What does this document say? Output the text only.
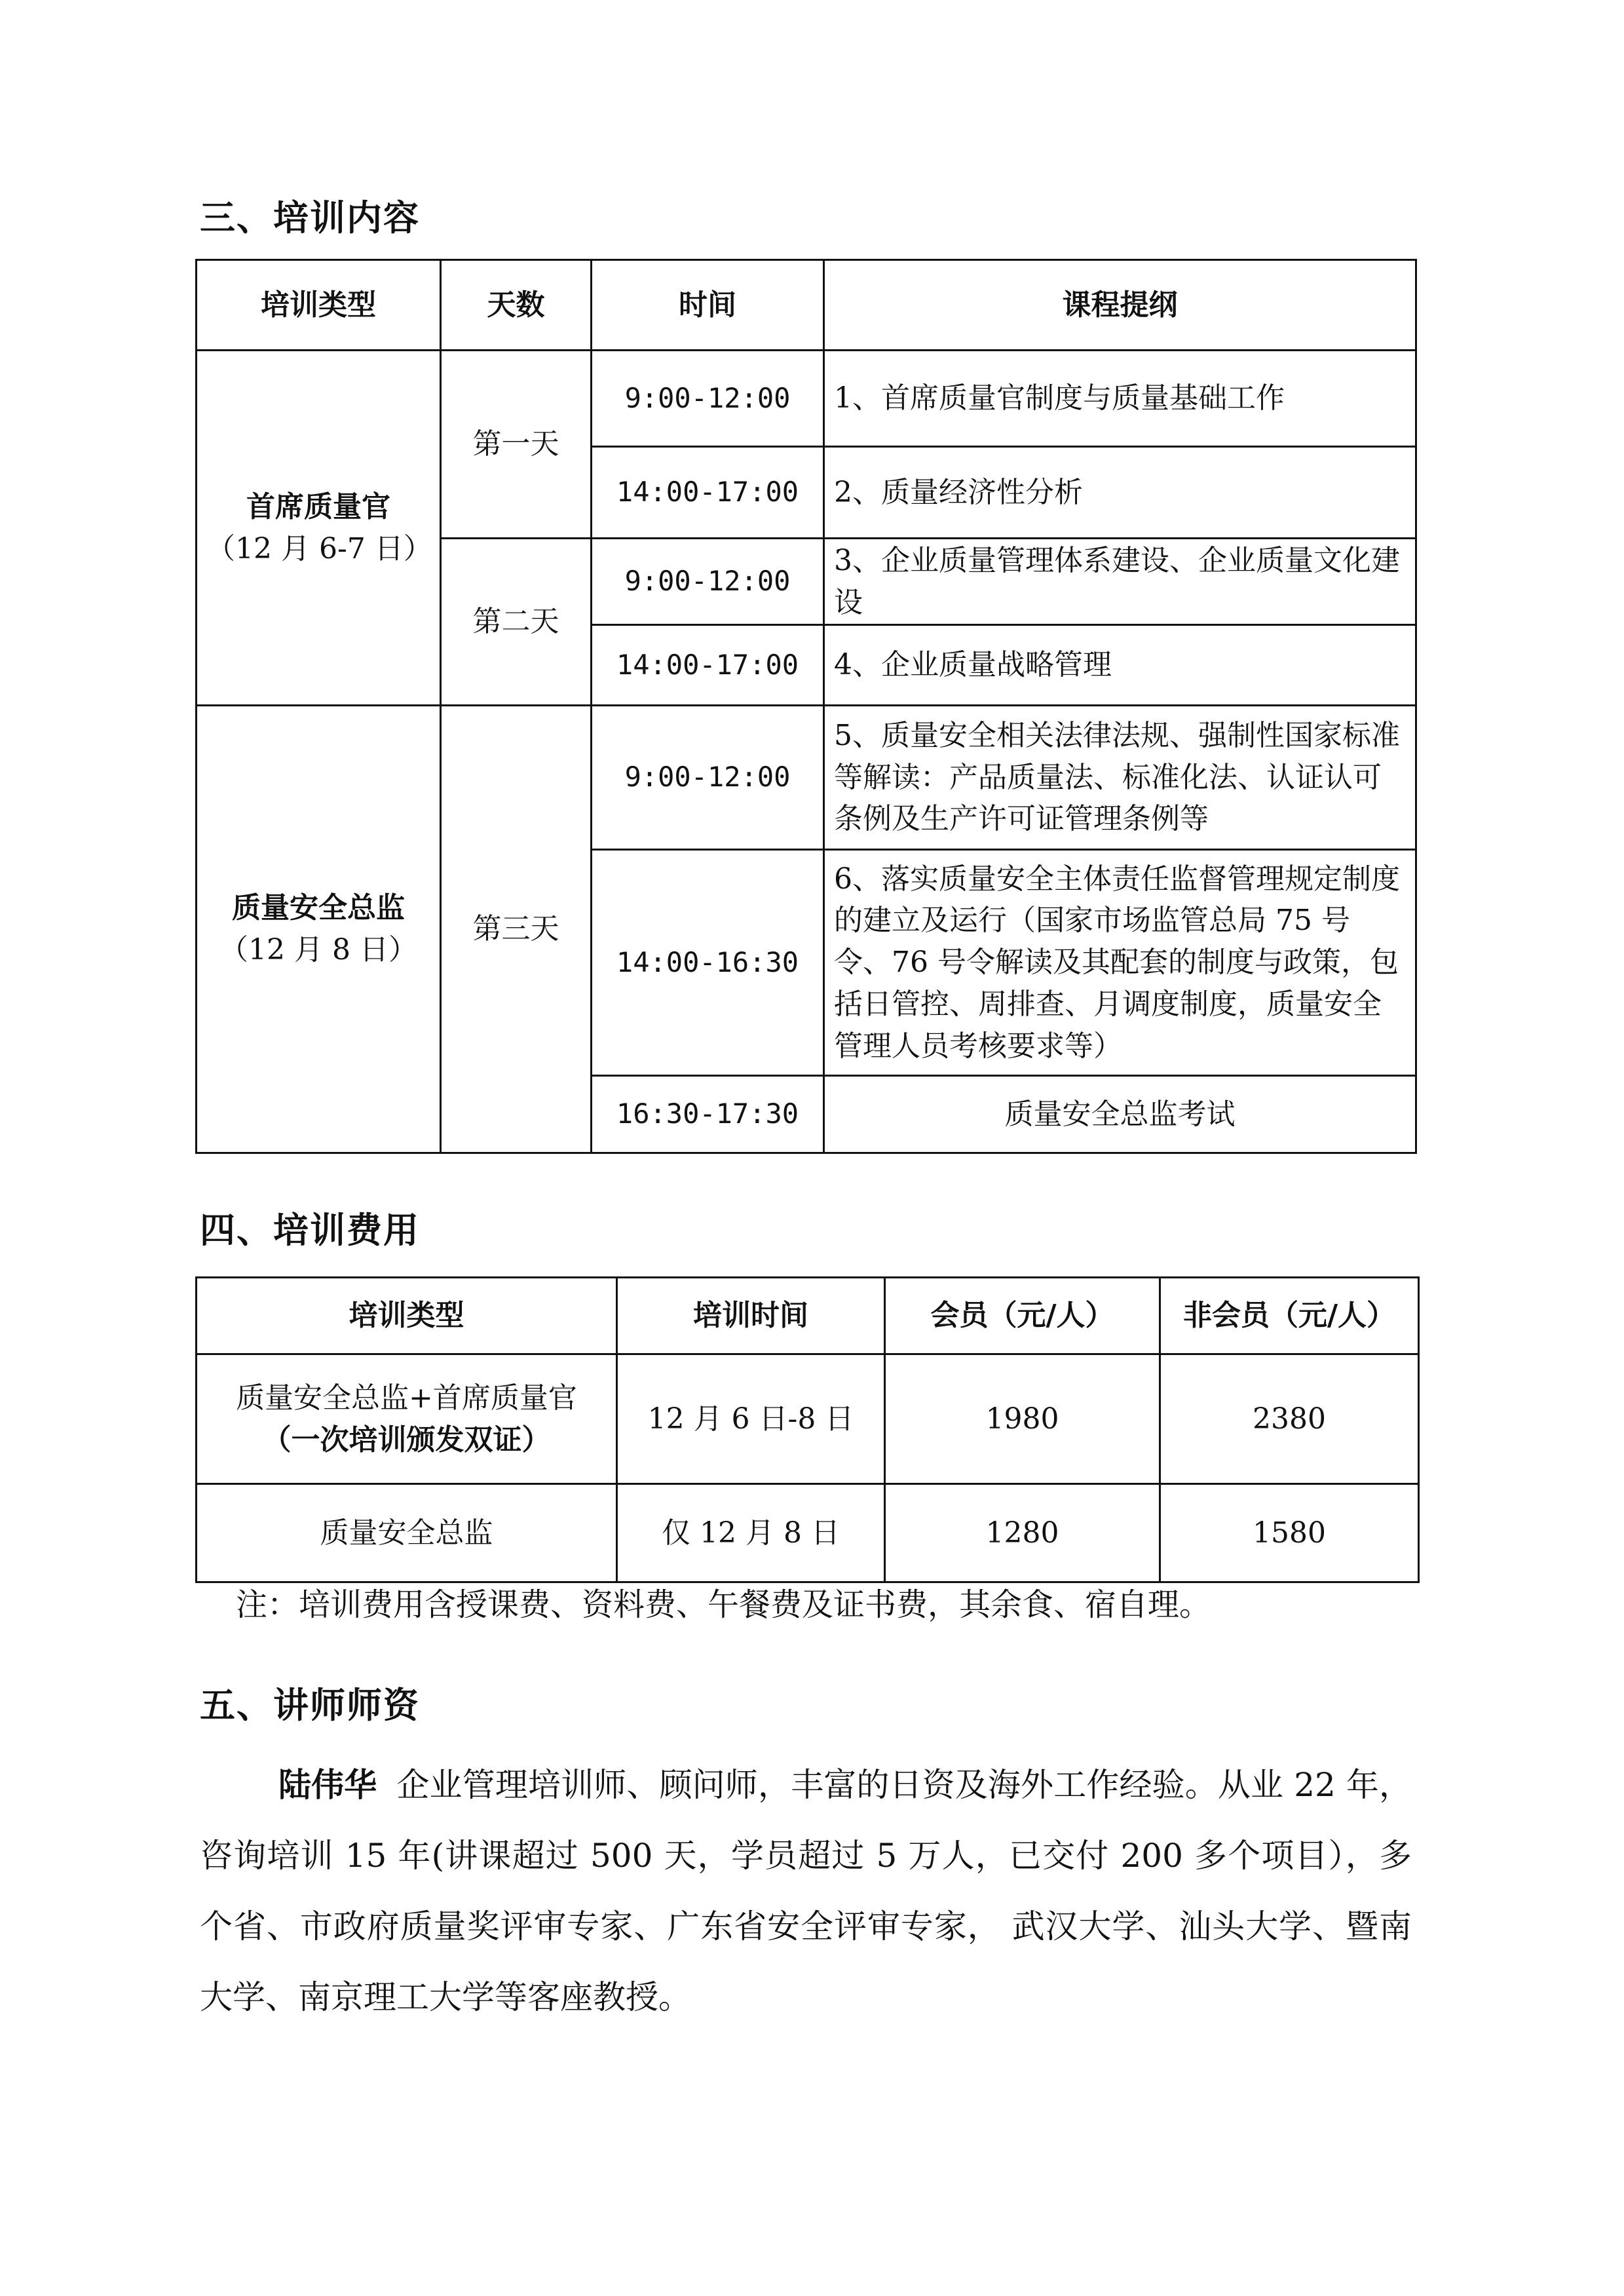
三、培训内容
培训类型	天数	时间	课程提纲

首席质量官
（12 月 6-7 日）	第一天	9:00-12:00	1、首席质量官制度与质量基础工作
		14:00-17:00	2、质量经济性分析
	第二天	9:00-12:00	3、企业质量管理体系建设、企业质量文化建设
		14:00-17:00	4、企业质量战略管理

质量安全总监
（12 月 8 日）	第三天	9:00-12:00	5、质量安全相关法律法规、强制性国家标准等解读：产品质量法、标准化法、认证认可条例及生产许可证管理条例等
		14:00-16:30	6、落实质量安全主体责任监督管理规定制度的建立及运行（国家市场监管总局 75 号令、76 号令解读及其配套的制度与政策，包括日管控、周排查、月调度制度，质量安全管理人员考核要求等）
		16:30-17:30	质量安全总监考试
四、培训费用
培训类型	培训时间	会员（元/人）	非会员（元/人）

质量安全总监+首席质量官
（一次培训颁发双证）	12 月 6 日-8 日	1980	2380
质量安全总监	仅 12 月 8 日	1280	1580
注：培训费用含授课费、资料费、午餐费及证书费，其余食、宿自理。
五、讲师师资
陆伟华 企业管理培训师、顾问师，丰富的日资及海外工作经验。从业 22 年，咨询培训 15 年(讲课超过 500 天，学员超过 5 万人，已交付 200 多个项目），多个省、市政府质量奖评审专家、广东省安全评审专家， 武汉大学、汕头大学、暨南大学、南京理工大学等客座教授。
